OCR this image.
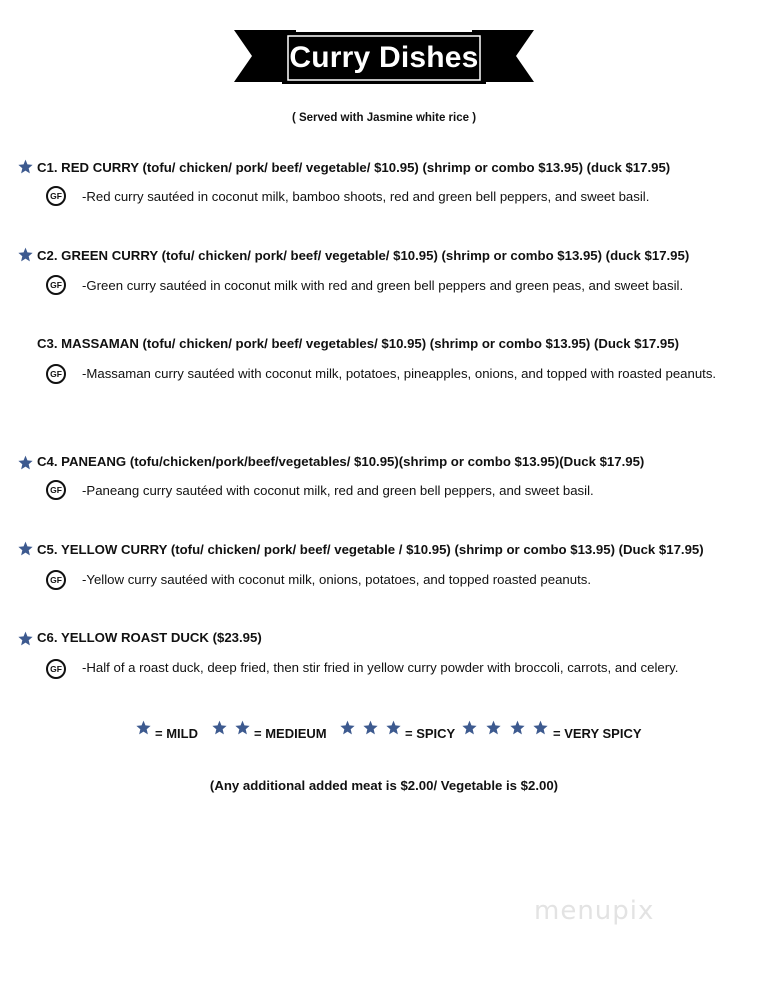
Curry Dishes
( Served with Jasmine white rice )
C1. RED CURRY (tofu/ chicken/ pork/ beef/ vegetable/ $10.95) (shrimp or combo $13.95) (duck $17.95)
GF	-Red curry sautéed in coconut milk, bamboo shoots, red and green bell peppers, and sweet basil.
C2. GREEN CURRY (tofu/ chicken/ pork/ beef/ vegetable/ $10.95) (shrimp or combo $13.95) (duck $17.95)
GF	-Green curry sautéed in coconut milk with red and green bell peppers and green peas, and sweet basil.
C3. MASSAMAN (tofu/ chicken/ pork/ beef/ vegetables/ $10.95) (shrimp or combo $13.95) (Duck $17.95)
GF	-Massaman curry sautéed with coconut milk, potatoes, pineapples, onions, and topped with roasted peanuts.
C4. PANEANG (tofu/chicken/pork/beef/vegetables/ $10.95)(shrimp or combo $13.95)(Duck $17.95)
GF	-Paneang curry sautéed with coconut milk, red and green bell peppers, and sweet basil.
C5. YELLOW CURRY (tofu/ chicken/ pork/ beef/ vegetable / $10.95) (shrimp or combo $13.95) (Duck $17.95)
GF	-Yellow curry sautéed with coconut milk, onions, potatoes, and topped roasted peanuts.
C6. YELLOW ROAST DUCK ($23.95)
GF	-Half of a roast duck, deep fried, then stir fried in yellow curry powder with broccoli, carrots, and celery.
= MILD	= MEDIEUM	= SPICY	= VERY SPICY
(Any additional added meat is $2.00/ Vegetable is $2.00)
menupix
